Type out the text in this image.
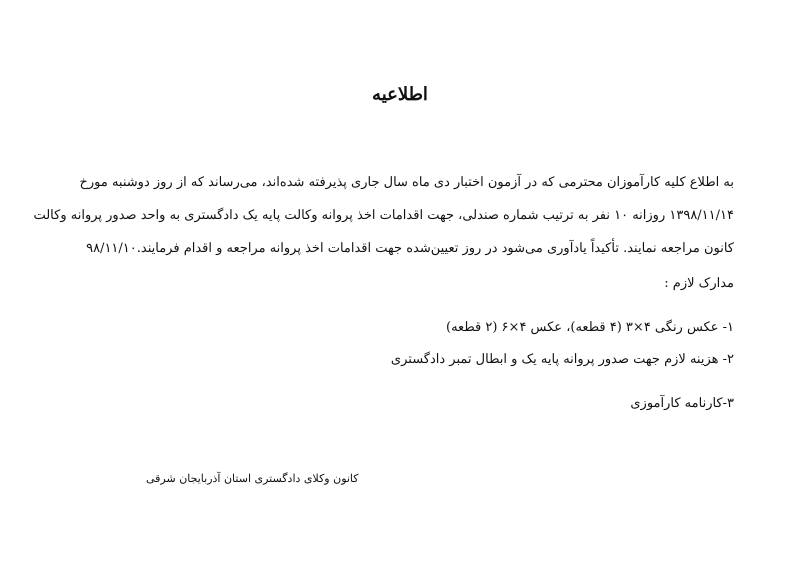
اطلاعیه
به اطلاع کلیه کارآموزان محترمی که در آزمون اختبار دی ماه سال جاری پذیرفته شده‌اند، می‌رساند که از روز دوشنبه مورخ
۱۳۹۸/۱۱/۱۴ روزانه ۱۰ نفر به ترتیب شماره صندلی، جهت اقدامات اخذ پروانه وکالت پایه یک دادگستری به واحد صدور پروانه وکالت
کانون مراجعه نمایند. تأکیداً یادآوری می‌شود در روز تعیین‌شده جهت اقدامات اخذ پروانه مراجعه و اقدام فرمایند.۹۸/۱۱/۱۰
مدارک لازم :
۱- عکس رنگی ۴×۳ (۴ قطعه)، عکس ۴×۶ (۲ قطعه)
۲- هزینه لازم جهت صدور پروانه پایه یک و ابطال تمبر دادگستری
۳-کارنامه کارآموزی
کانون وکلای دادگستری استان آذربایجان شرقی
